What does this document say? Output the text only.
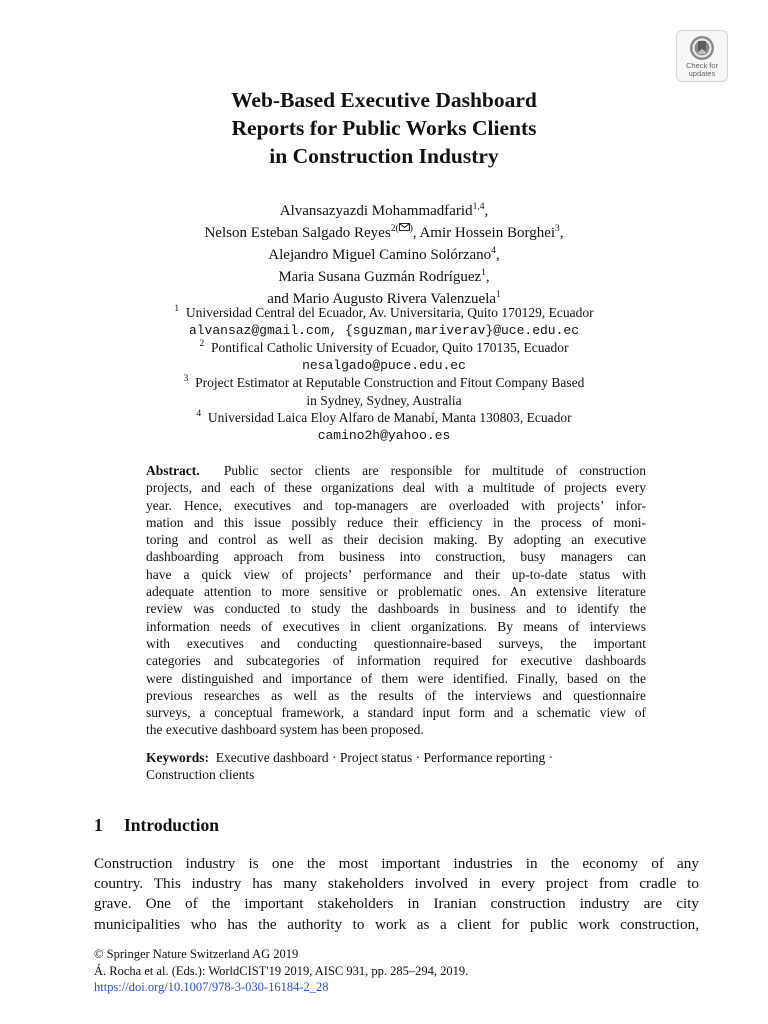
Check for
updates
Web-Based Executive Dashboard
Reports for Public Works Clients
in Construction Industry
Alvansazyazdi Mohammadfarid$^{1,4}$,
Nelson Esteban Salgado Reyes$^{2( )}$, Amir Hossein Borghei$^3$,
Alejandro Miguel Camino Solórzano$^4$,
Maria Susana Guzmán Rodríguez$^1$,
and Mario Augusto Rivera Valenzuela$^1$
$^1$ Universidad Central del Ecuador, Av. Universitaria, Quito 170129, Ecuador
alvansaz@gmail.com, {sguzman,mariverav}@uce.edu.ec
$^2$ Pontifical Catholic University of Ecuador, Quito 170135, Ecuador
nesalgado@puce.edu.ec
$^3$ Project Estimator at Reputable Construction and Fitout Company Based
in Sydney, Sydney, Australia
$^4$ Universidad Laica Eloy Alfaro de Manabí, Manta 130803, Ecuador
camino2h@yahoo.es
Abstract. Public sector clients are responsible for multitude of construction
projects, and each of these organizations deal with a multitude of projects every
year. Hence, executives and top-managers are overloaded with projects’ infor-
mation and this issue possibly reduce their efficiency in the process of moni-
toring and control as well as their decision making. By adopting an executive
dashboarding approach from business into construction, busy managers can
have a quick view of projects’ performance and their up-to-date status with
adequate attention to more sensitive or problematic ones. An extensive literature
review was conducted to study the dashboards in business and to identify the
information needs of executives in client organizations. By means of interviews
with executives and conducting questionnaire-based surveys, the important
categories and subcategories of information required for executive dashboards
were distinguished and importance of them were identified. Finally, based on the
previous researches as well as the results of the interviews and questionnaire
surveys, a conceptual framework, a standard input form and a schematic view of
the executive dashboard system has been proposed.
Keywords: Executive dashboard · Project status · Performance reporting ·
Construction clients
1 Introduction
Construction industry is one the most important industries in the economy of any
country. This industry has many stakeholders involved in every project from cradle to
grave. One of the important stakeholders in Iranian construction industry are city
municipalities who has the authority to work as a client for public work construction,
© Springer Nature Switzerland AG 2019
Á. Rocha et al. (Eds.): WorldCIST'19 2019, AISC 931, pp. 285–294, 2019.
https://doi.org/10.1007/978-3-030-16184-2_28
